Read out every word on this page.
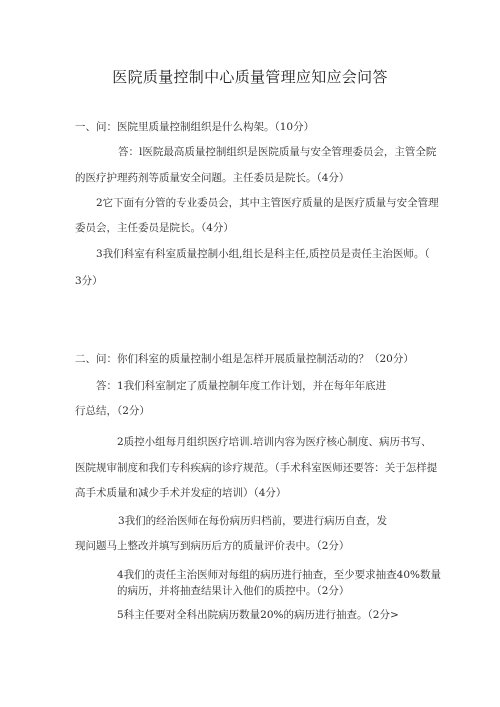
医院质量控制中心质量管理应知应会问答
一、问：医院里质量控制组织是什么构架。（10分）
答：l医院最高质量控制组织是医院质量与安全管理委员会，主管全院
的医疗护理药剂等质量安全问题。主任委员是院长。（4分）
2它下面有分管的专业委员会，其中主管医疗质量的是医疗质量与安全管理
委员会，主任委员是院长。（4分）
3我们科室有科室质量控制小组,组长是科主任,质控员是责任主治医师。（
3分）
二、问：你们科室的质量控制小组是怎样开展质量控制活动的？（20分）
答：1我们科室制定了质量控制年度工作计划，并在每年年底进
行总结，（2分）
2质控小组每月组织医疗培训.培训内容为医疗核心制度、病历书写、
医院规审制度和我们专科疾病的诊疗规范。（手术科室医师还要答：关于怎样提
高手术质量和减少手术并发症的培训）（4分）
3我们的经治医师在每份病历归档前，要进行病历自查，发
现问题马上整改并填写到病历后方的质量评价表中。（2分）
4我们的责任主治医师对每组的病历进行抽查，至少要求抽查40%数量
的病历，并将抽查结果计入他们的质控中。（2分）
5科主任要对全科出院病历数量20%的病历进行抽查。（2分>
